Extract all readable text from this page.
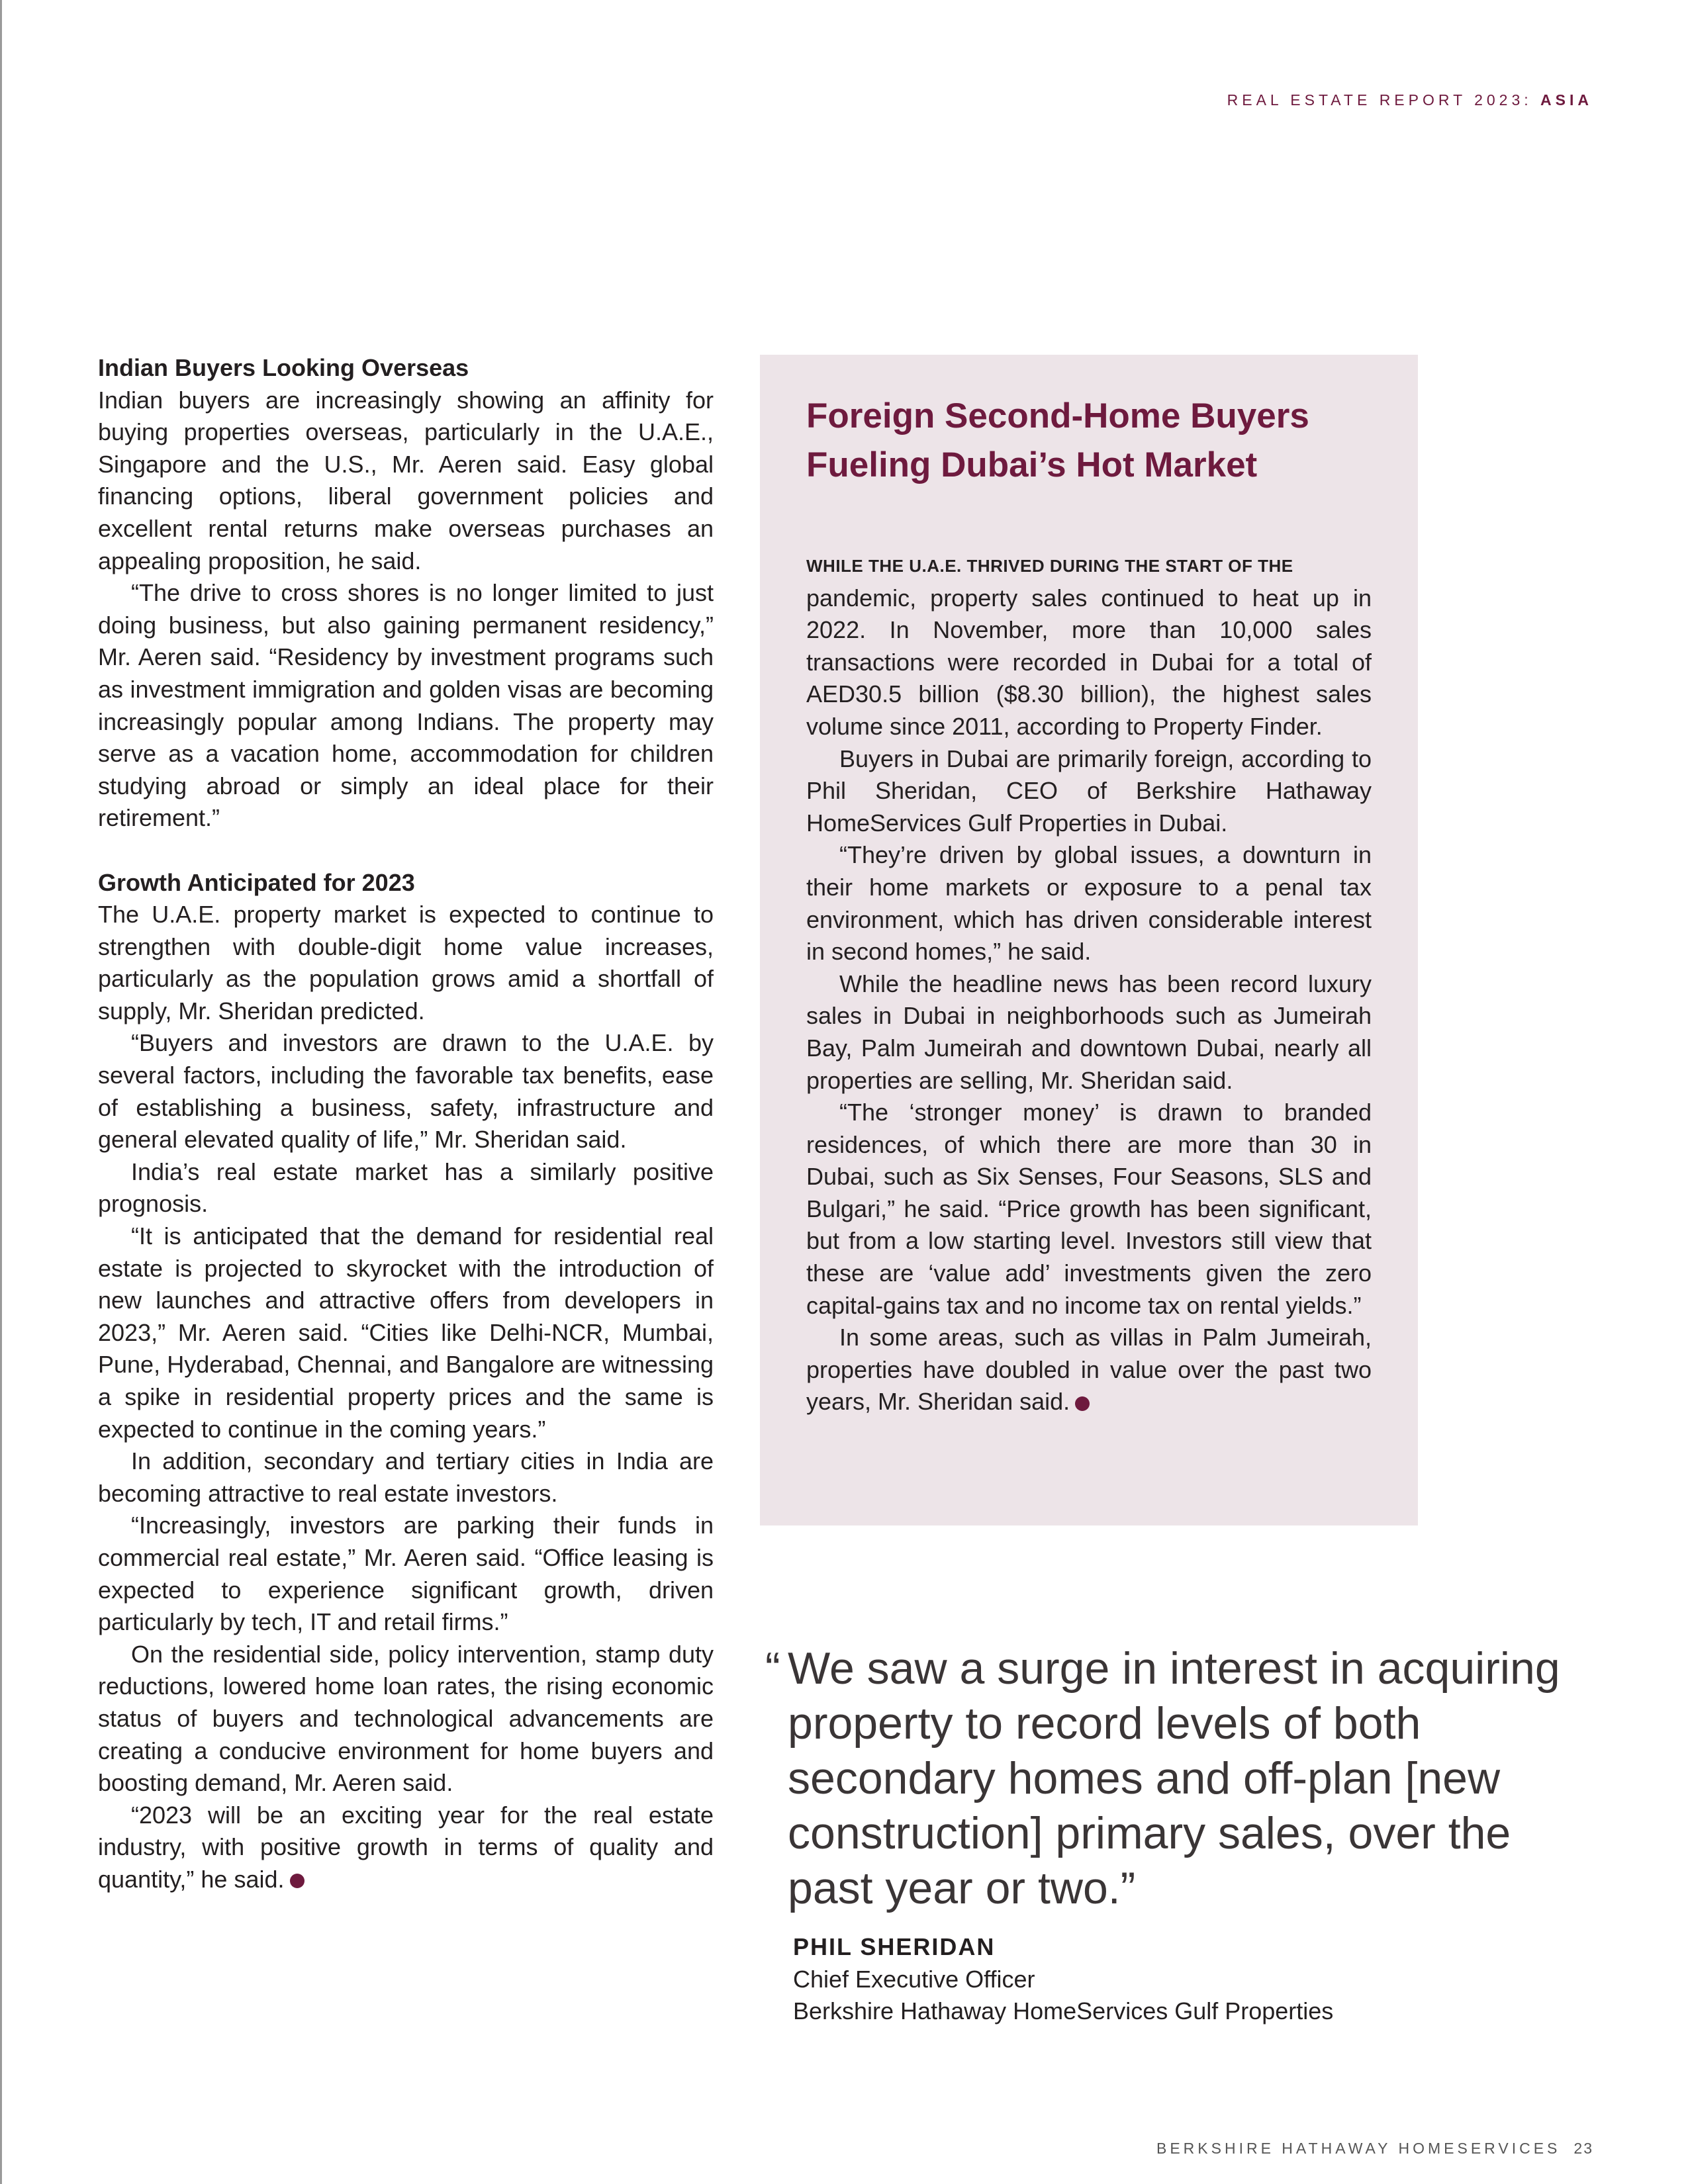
REAL ESTATE REPORT 2023: ASIA

Indian Buyers Looking Overseas

Indian buyers are increasingly showing an affinity for buying properties overseas, particularly in the U.A.E., Singapore and the U.S., Mr. Aeren said. Easy global financing options, liberal government policies and excellent rental returns make overseas purchases an appealing proposition, he said.

“The drive to cross shores is no longer limited to just doing business, but also gaining permanent residency,” Mr. Aeren said. “Residency by investment programs such as investment immigration and golden visas are becoming increasingly popular among Indians. The property may serve as a vacation home, accommodation for children studying abroad or simply an ideal place for their retirement.”

Growth Anticipated for 2023

The U.A.E. property market is expected to continue to strengthen with double-digit home value increases, particularly as the population grows amid a shortfall of supply, Mr. Sheridan predicted.

“Buyers and investors are drawn to the U.A.E. by several factors, including the favorable tax benefits, ease of establishing a business, safety, infrastructure and general elevated quality of life,” Mr. Sheridan said.

India’s real estate market has a similarly positive prognosis.

“It is anticipated that the demand for residential real estate is projected to skyrocket with the introduction of new launches and attractive offers from developers in 2023,” Mr. Aeren said. “Cities like Delhi-NCR, Mumbai, Pune, Hyderabad, Chennai, and Bangalore are witnessing a spike in residential property prices and the same is expected to continue in the coming years.”

In addition, secondary and tertiary cities in India are becoming attractive to real estate investors.

“Increasingly, investors are parking their funds in commercial real estate,” Mr. Aeren said. “Office leasing is expected to experience significant growth, driven particularly by tech, IT and retail firms.”

On the residential side, policy intervention, stamp duty reductions, lowered home loan rates, the rising economic status of buyers and technological advancements are creating a conducive environment for home buyers and boosting demand, Mr. Aeren said.

“2023 will be an exciting year for the real estate industry, with positive growth in terms of quality and quantity,” he said.

Foreign Second-Home Buyers
Fueling Dubai’s Hot Market

WHILE THE U.A.E. THRIVED DURING THE START OF THE
pandemic, property sales continued to heat up in 2022. In November, more than 10,000 sales transactions were recorded in Dubai for a total of AED30.5 billion ($8.30 billion), the highest sales volume since 2011, according to Property Finder.

Buyers in Dubai are primarily foreign, according to Phil Sheridan, CEO of Berkshire Hathaway HomeServices Gulf Properties in Dubai.

“They’re driven by global issues, a downturn in their home markets or exposure to a penal tax environment, which has driven considerable interest in second homes,” he said.

While the headline news has been record luxury sales in Dubai in neighborhoods such as Jumeirah Bay, Palm Jumeirah and downtown Dubai, nearly all properties are selling, Mr. Sheridan said.

“The ‘stronger money’ is drawn to branded residences, of which there are more than 30 in Dubai, such as Six Senses, Four Seasons, SLS and Bulgari,” he said. “Price growth has been significant, but from a low starting level. Investors still view that these are ‘value add’ investments given the zero capital-gains tax and no income tax on rental yields.”

In some areas, such as villas in Palm Jumeirah, properties have doubled in value over the past two years, Mr. Sheridan said.

“ We saw a surge in interest in acquiring property to record levels of both secondary homes and off-plan [new construction] primary sales, over the past year or two.”

PHIL SHERIDAN
Chief Executive Officer
Berkshire Hathaway HomeServices Gulf Properties
BERKSHIRE HATHAWAY HOMESERVICES 23
